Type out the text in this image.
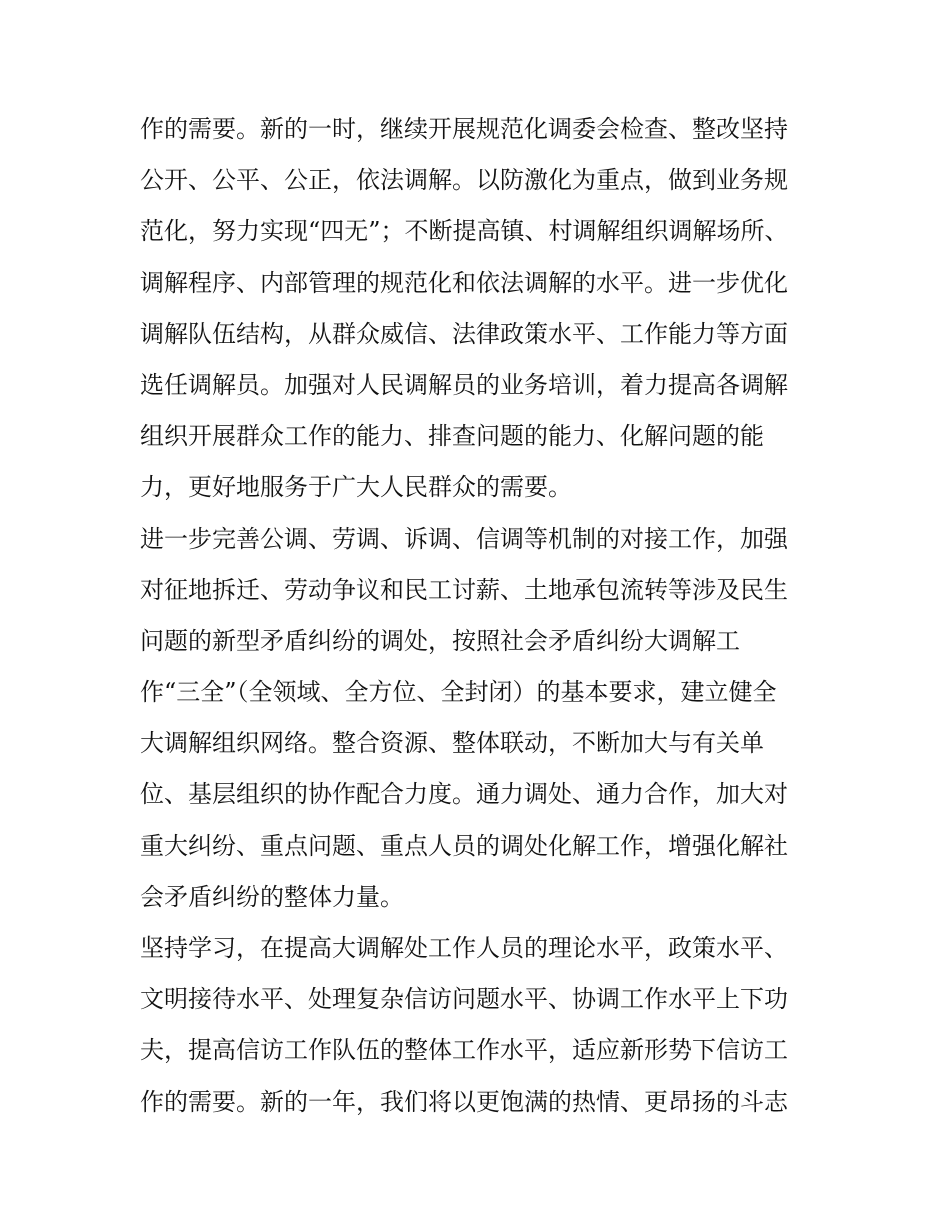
作的需要。新的一时，继续开展规范化调委会检查、整改坚持
公开、公平、公正，依法调解。以防激化为重点，做到业务规
范化，努力实现“四无”；不断提高镇、村调解组织调解场所、
调解程序、内部管理的规范化和依法调解的水平。进一步优化
调解队伍结构，从群众威信、法律政策水平、工作能力等方面
选任调解员。加强对人民调解员的业务培训，着力提高各调解
组织开展群众工作的能力、排查问题的能力、化解问题的能
力，更好地服务于广大人民群众的需要。
进一步完善公调、劳调、诉调、信调等机制的对接工作，加强
对征地拆迁、劳动争议和民工讨薪、土地承包流转等涉及民生
问题的新型矛盾纠纷的调处，按照社会矛盾纠纷大调解工
作“三全”（全领域、全方位、全封闭）的基本要求，建立健全
大调解组织网络。整合资源、整体联动，不断加大与有关单
位、基层组织的协作配合力度。通力调处、通力合作，加大对
重大纠纷、重点问题、重点人员的调处化解工作，增强化解社
会矛盾纠纷的整体力量。
坚持学习，在提高大调解处工作人员的理论水平，政策水平、
文明接待水平、处理复杂信访问题水平、协调工作水平上下功
夫，提高信访工作队伍的整体工作水平，适应新形势下信访工
作的需要。新的一年，我们将以更饱满的热情、更昂扬的斗志
